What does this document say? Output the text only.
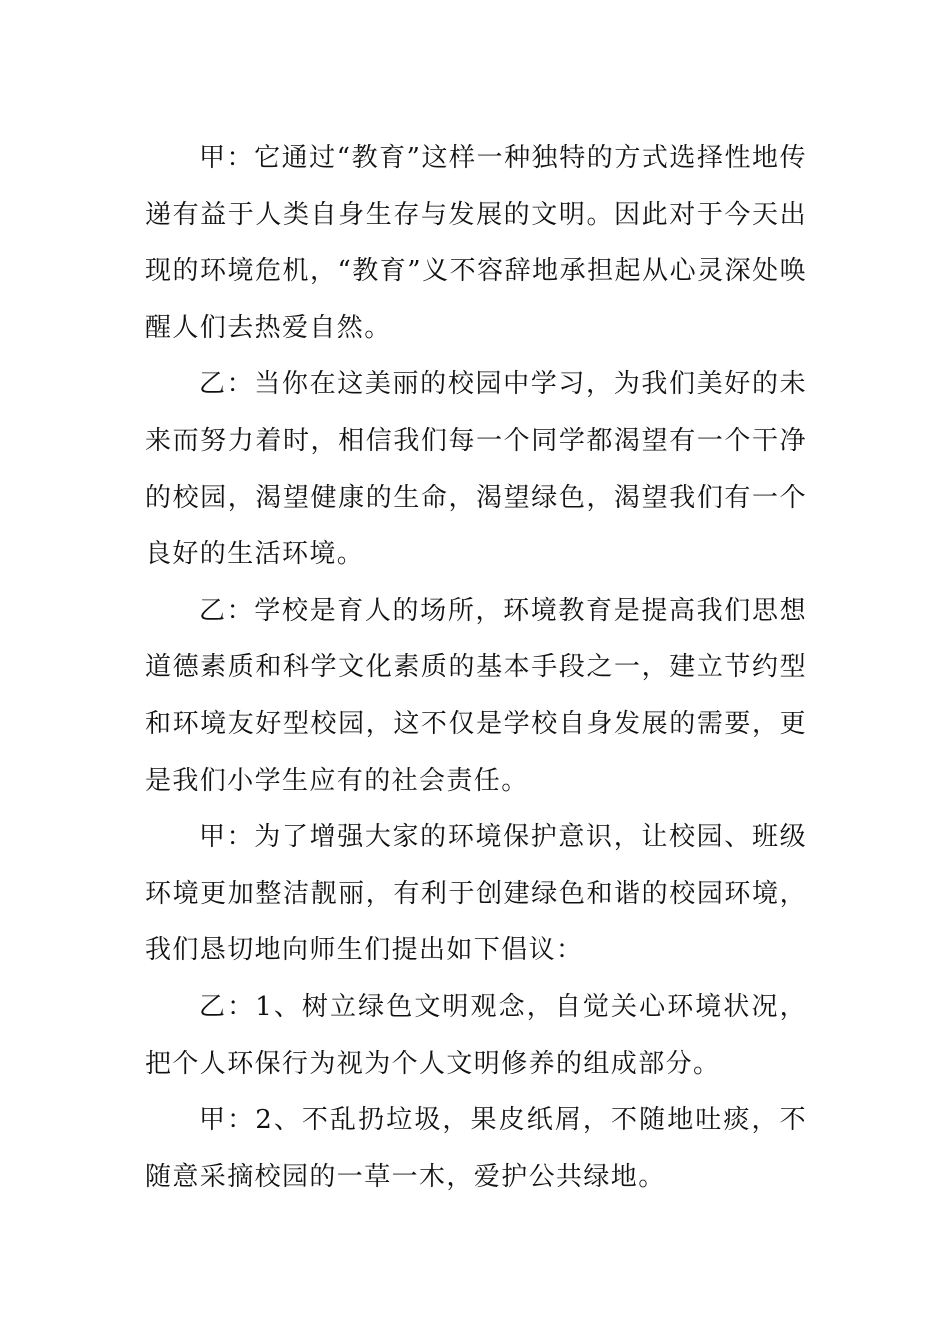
甲：它通过“教育”这样一种独特的方式选择性地传递有益于人类自身生存与发展的文明。因此对于今天出现的环境危机，“教育”义不容辞地承担起从心灵深处唤醒人们去热爱自然。

乙：当你在这美丽的校园中学习，为我们美好的未来而努力着时，相信我们每一个同学都渴望有一个干净的校园，渴望健康的生命，渴望绿色，渴望我们有一个良好的生活环境。

乙：学校是育人的场所，环境教育是提高我们思想道德素质和科学文化素质的基本手段之一，建立节约型和环境友好型校园，这不仅是学校自身发展的需要，更是我们小学生应有的社会责任。

甲：为了增强大家的环境保护意识，让校园、班级环境更加整洁靓丽，有利于创建绿色和谐的校园环境，我们恳切地向师生们提出如下倡议：

乙：1、树立绿色文明观念，自觉关心环境状况，把个人环保行为视为个人文明修养的组成部分。

甲：2、不乱扔垃圾，果皮纸屑，不随地吐痰，不随意采摘校园的一草一木，爱护公共绿地。
